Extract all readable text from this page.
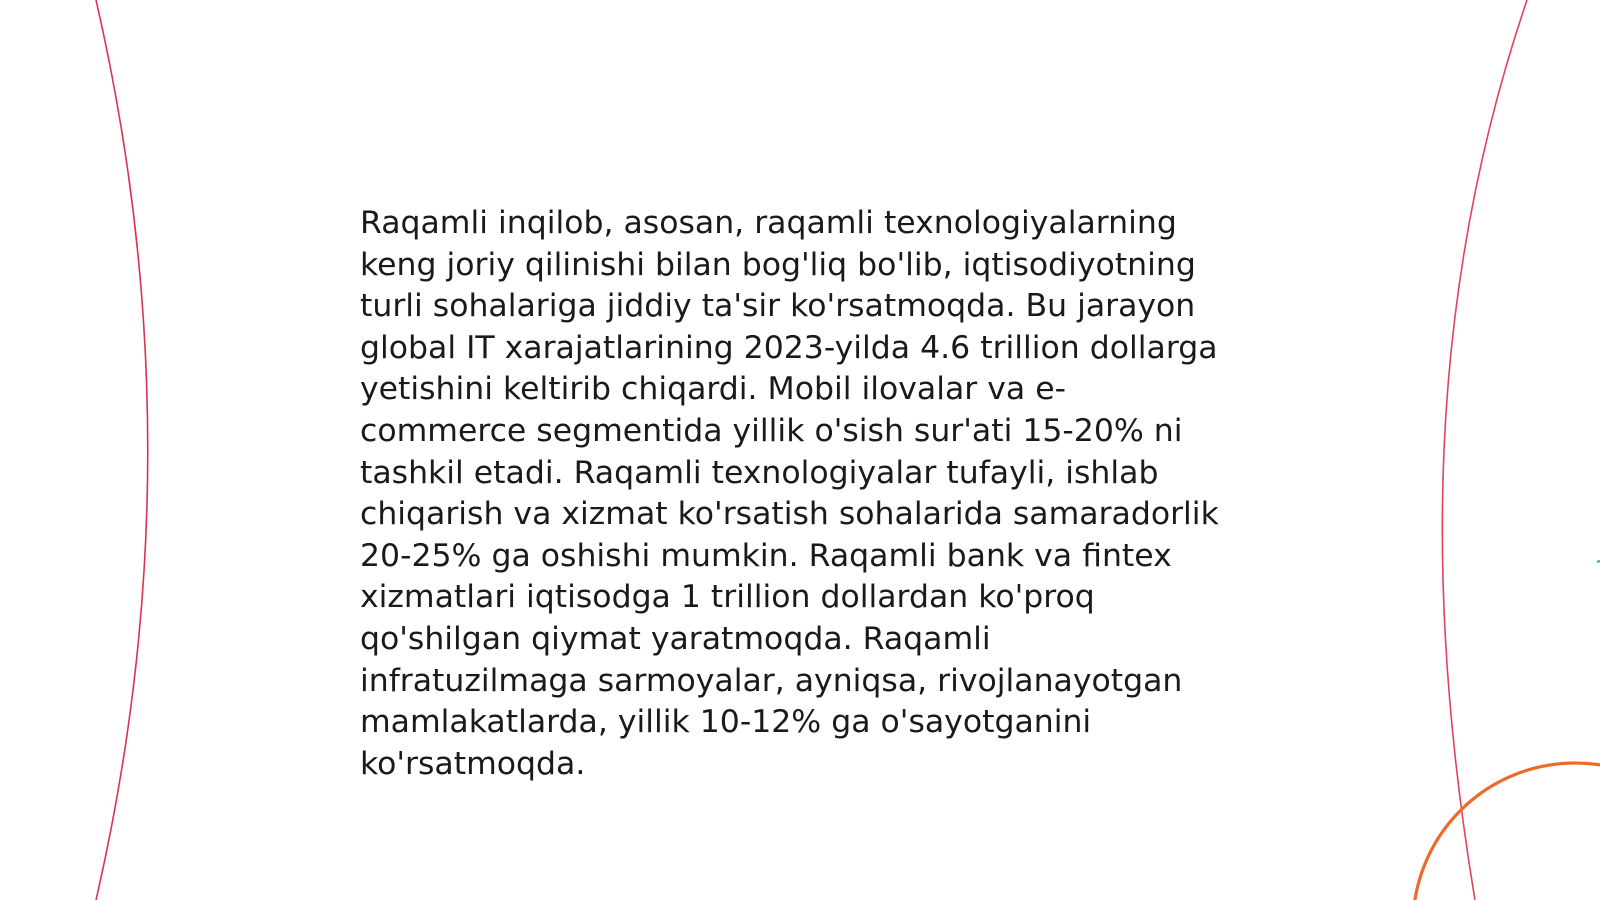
Raqamli inqilob, asosan, raqamli texnologiyalarning
keng joriy qilinishi bilan bog'liq bo'lib, iqtisodiyotning
turli sohalariga jiddiy ta'sir ko'rsatmoqda. Bu jarayon
global IT xarajatlarining 2023-yilda 4.6 trillion dollarga
yetishini keltirib chiqardi. Mobil ilovalar va e-
commerce segmentida yillik o'sish sur'ati 15-20% ni
tashkil etadi. Raqamli texnologiyalar tufayli, ishlab
chiqarish va xizmat ko'rsatish sohalarida samaradorlik
20-25% ga oshishi mumkin. Raqamli bank va fintex
xizmatlari iqtisodga 1 trillion dollardan ko'proq
qo'shilgan qiymat yaratmoqda. Raqamli
infratuzilmaga sarmoyalar, ayniqsa, rivojlanayotgan
mamlakatlarda, yillik 10-12% ga o'sayotganini
ko'rsatmoqda.
